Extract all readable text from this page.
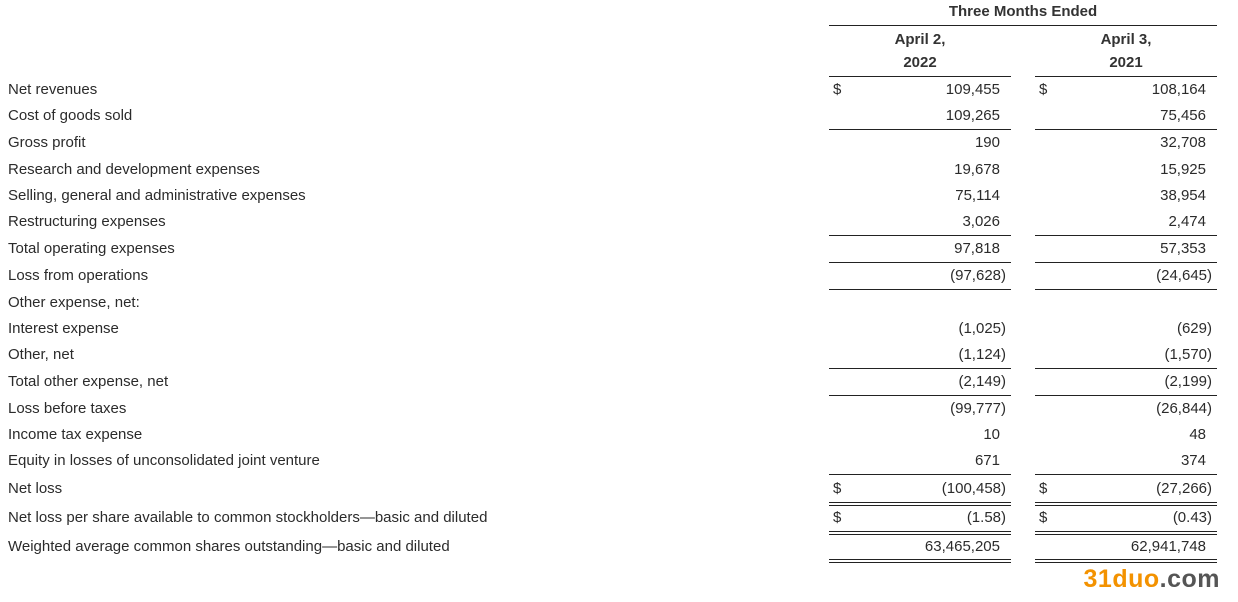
Three Months Ended
April 2,
2022
April 3,
2021
Net revenues	$	109,455	$	108,164
Cost of goods sold	109,265	75,456
Gross profit	190	32,708
Research and development expenses	19,678	15,925
Selling, general and administrative expenses	75,114	38,954
Restructuring expenses	3,026	2,474
Total operating expenses	97,818	57,353
Loss from operations	(97,628)	(24,645)
Other expense, net:
Interest expense	(1,025)	(629)
Other, net	(1,124)	(1,570)
Total other expense, net	(2,149)	(2,199)
Loss before taxes	(99,777)	(26,844)
Income tax expense	10	48
Equity in losses of unconsolidated joint venture	671	374
Net loss	$	(100,458) $	(27,266)
Net loss per share available to common stockholders—basic and diluted	$	(1.58) $	(0.43)
Weighted average common shares outstanding—basic and diluted	63,465,205	62,941,748
31duo.com
